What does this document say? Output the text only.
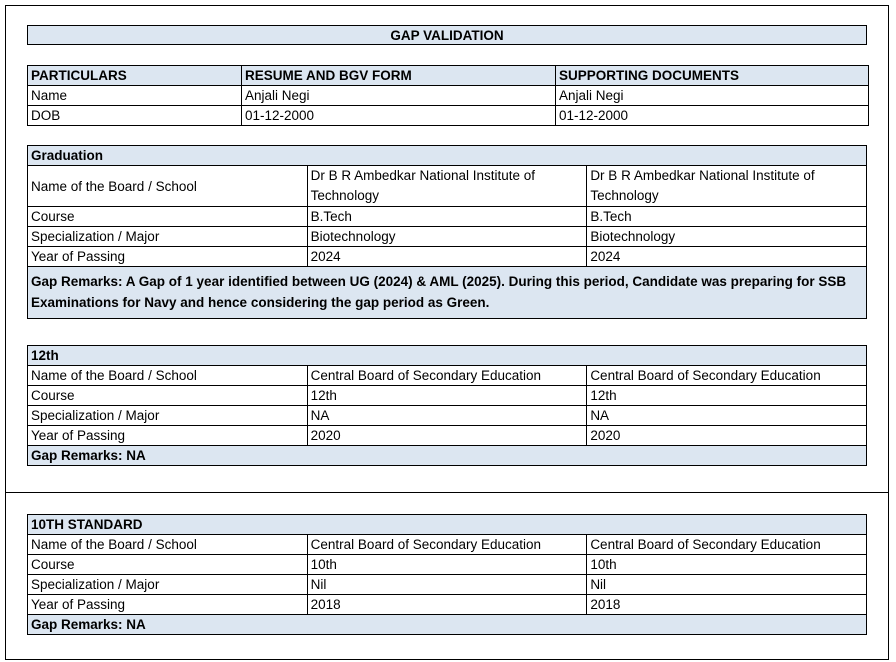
GAP VALIDATION
PARTICULARS	RESUME AND BGV FORM	SUPPORTING DOCUMENTS
Name	Anjali Negi	Anjali Negi
DOB	01-12-2000	01-12-2000
Graduation		
Name of the Board / School	Dr B R Ambedkar National Institute of Technology	Dr B R Ambedkar National Institute of Technology
Course	B.Tech	B.Tech
Specialization / Major	Biotechnology	Biotechnology
Year of Passing	2024	2024
Gap Remarks: A Gap of 1 year identified between UG (2024) & AML (2025). During this period, Candidate was preparing for SSB Examinations for Navy and hence considering the gap period as Green.		
12th		
Name of the Board / School	Central Board of Secondary Education	Central Board of Secondary Education
Course	12th	12th
Specialization / Major	NA	NA
Year of Passing	2020	2020
Gap Remarks: NA		
10TH STANDARD		
Name of the Board / School	Central Board of Secondary Education	Central Board of Secondary Education
Course	10th	10th
Specialization / Major	Nil	Nil
Year of Passing	2018	2018
Gap Remarks: NA		
